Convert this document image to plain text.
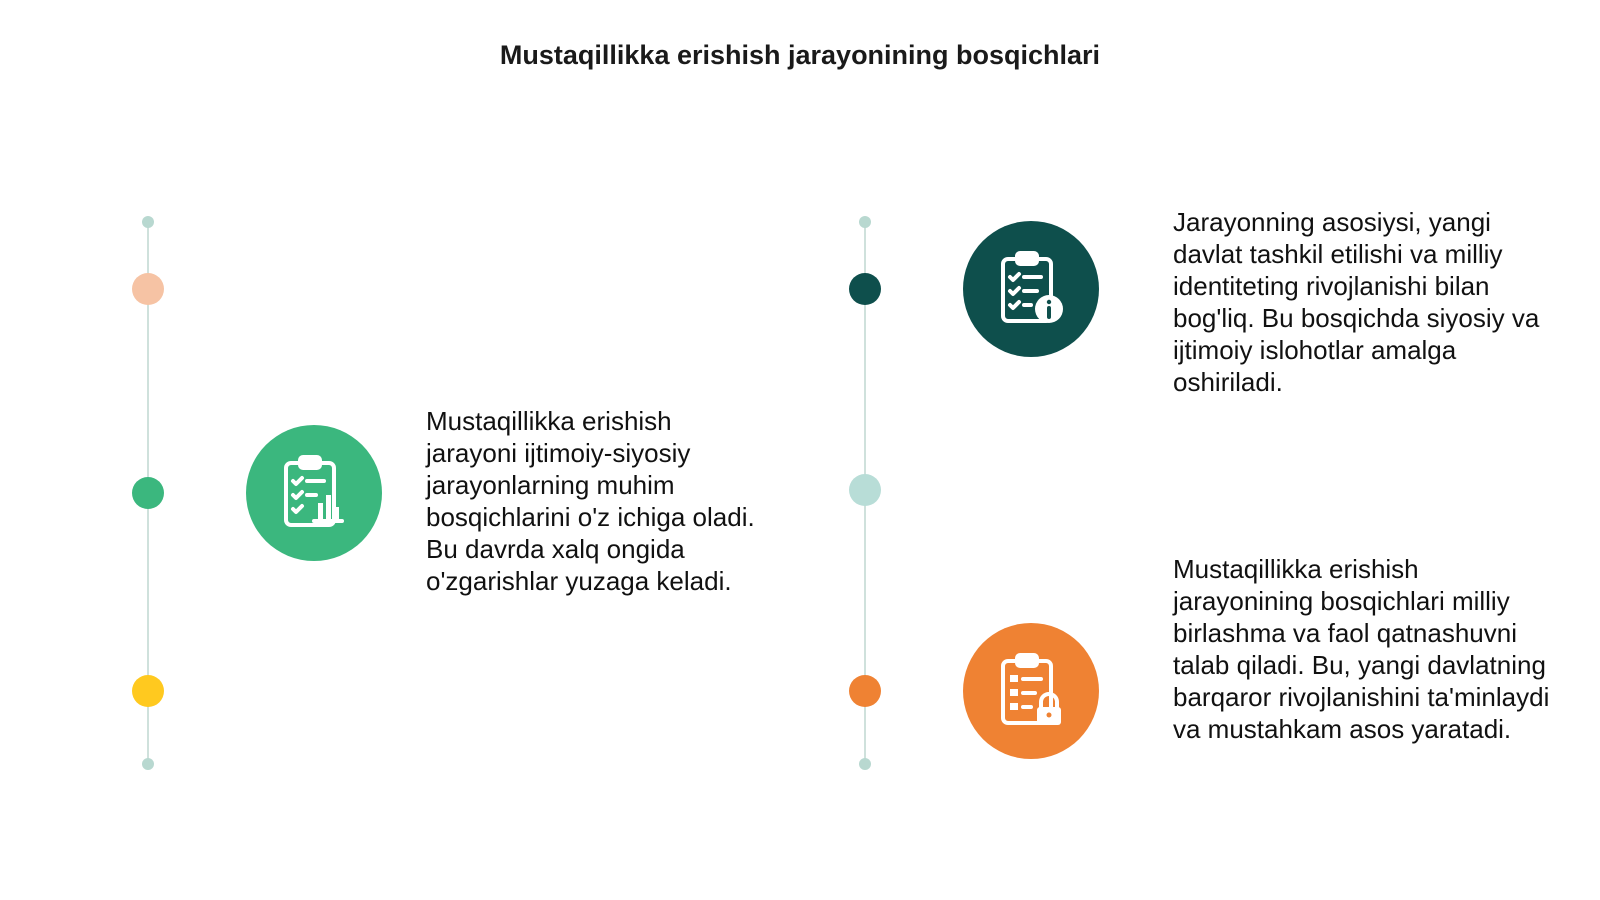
Mustaqillikka erishish jarayonining bosqichlari

Mustaqillikka erishish jarayoni ijtimoiy-siyosiy jarayonlarning muhim bosqichlarini o'z ichiga oladi. Bu davrda xalq ongida o'zgarishlar yuzaga keladi.

Jarayonning asosiysi, yangi davlat tashkil etilishi va milliy identiteting rivojlanishi bilan bog'liq. Bu bosqichda siyosiy va ijtimoiy islohotlar amalga oshiriladi.

Mustaqillikka erishish jarayonining bosqichlari milliy birlashma va faol qatnashuvni talab qiladi. Bu, yangi davlatning barqaror rivojlanishini ta'minlaydi va mustahkam asos yaratadi.
